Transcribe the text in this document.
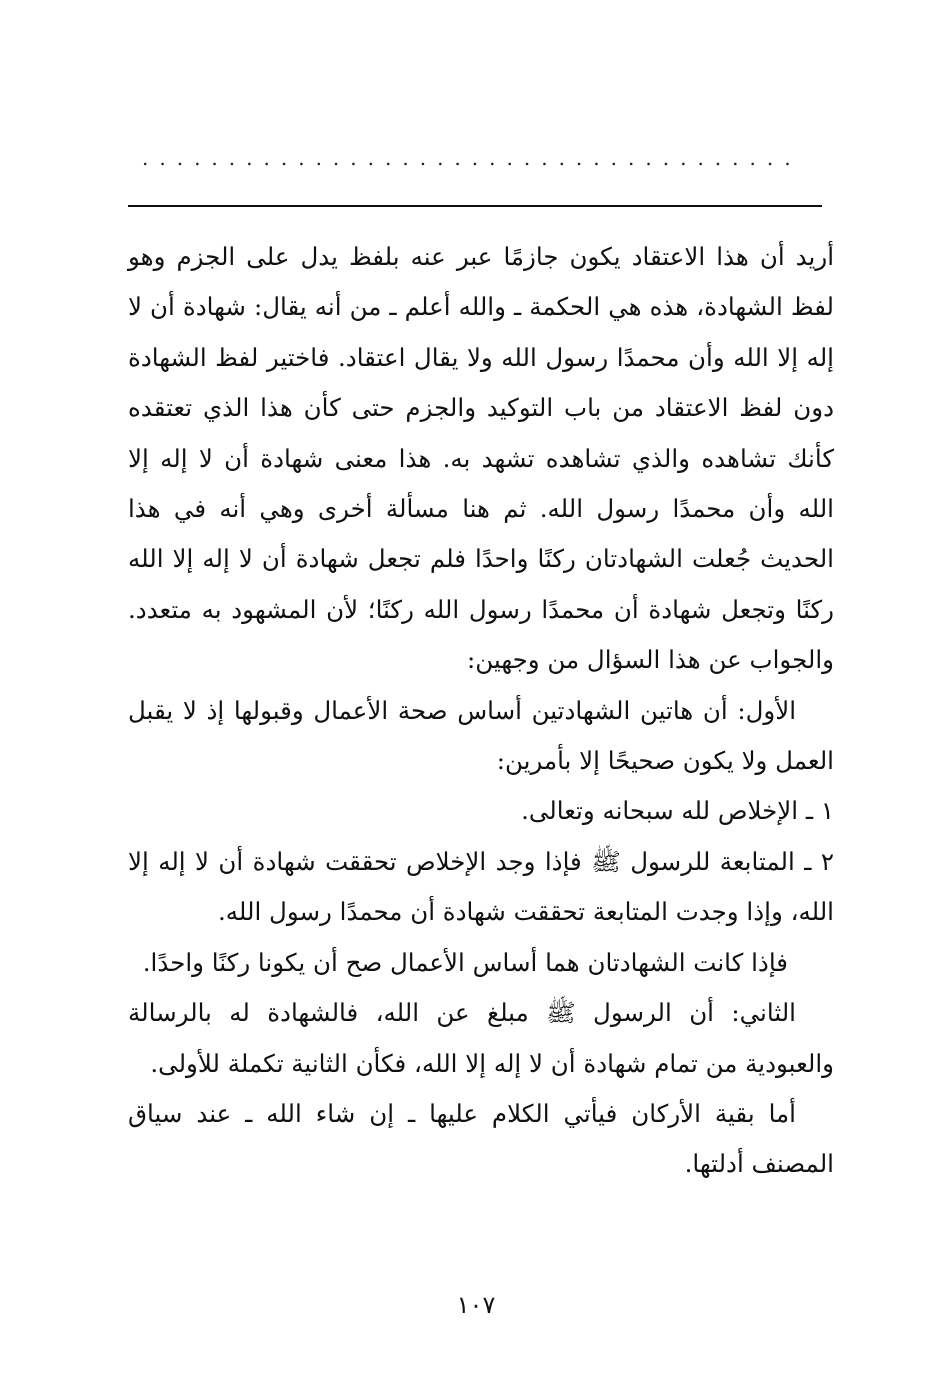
......................................

أريد أن هذا الاعتقاد يكون جازمًا عبر عنه بلفظ يدل على الجزم وهو لفظ الشهادة، هذه هي الحكمة ـ والله أعلم ـ من أنه يقال: شهادة أن لا إله إلا الله وأن محمدًا رسول الله ولا يقال اعتقاد. فاختير لفظ الشهادة دون لفظ الاعتقاد من باب التوكيد والجزم حتى كأن هذا الذي تعتقده كأنك تشاهده والذي تشاهده تشهد به. هذا معنى شهادة أن لا إله إلا الله وأن محمدًا رسول الله. ثم هنا مسألة أخرى وهي أنه في هذا الحديث جُعلت الشهادتان ركنًا واحدًا فلم تجعل شهادة أن لا إله إلا الله ركنًا وتجعل شهادة أن محمدًا رسول الله ركنًا؛ لأن المشهود به متعدد. والجواب عن هذا السؤال من وجهين:

الأول: أن هاتين الشهادتين أساس صحة الأعمال وقبولها إذ لا يقبل العمل ولا يكون صحيحًا إلا بأمرين:

١ ـ الإخلاص لله سبحانه وتعالى.

٢ ـ المتابعة للرسول ﷺ فإذا وجد الإخلاص تحققت شهادة أن لا إله إلا الله، وإذا وجدت المتابعة تحققت شهادة أن محمدًا رسول الله.

فإذا كانت الشهادتان هما أساس الأعمال صح أن يكونا ركنًا واحدًا.

الثاني: أن الرسول ﷺ مبلغ عن الله، فالشهادة له بالرسالة والعبودية من تمام شهادة أن لا إله إلا الله، فكأن الثانية تكملة للأولى.

أما بقية الأركان فيأتي الكلام عليها ـ إن شاء الله ـ عند سياق المصنف أدلتها.

١٠٧
